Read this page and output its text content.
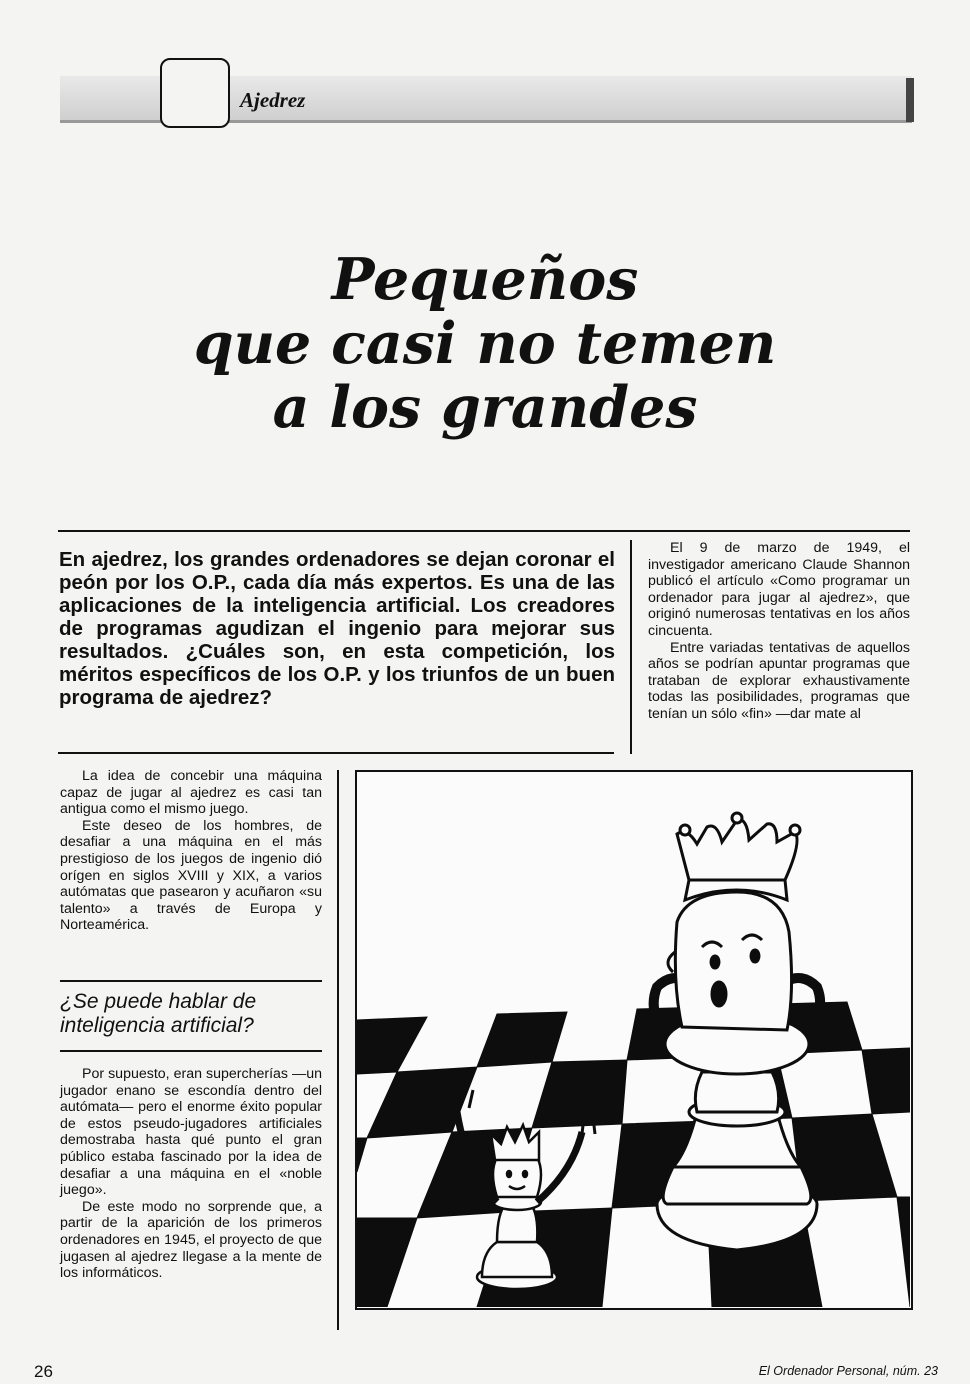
Ajedrez
Pequeños
que casi no temen
a los grandes
En ajedrez, los grandes ordenadores se dejan coronar el peón por los O.P., cada día más expertos. Es una de las aplicaciones de la inteligencia artificial. Los creadores de programas agudizan el ingenio para mejorar sus resultados. ¿Cuáles son, en esta competición, los méritos específicos de los O.P. y los triunfos de un buen programa de ajedrez?

El 9 de marzo de 1949, el investigador americano Claude Shannon publicó el artículo «Como programar un ordenador para jugar al ajedrez», que originó numerosas tentativas en los años cincuenta.

Entre variadas tentativas de aquellos años se podrían apuntar programas que trataban de explorar exhaustivamente todas las posibilidades, programas que tenían un sólo «fin» —dar mate al

La idea de concebir una máquina capaz de jugar al ajedrez es casi tan antigua como el mismo juego.

Este deseo de los hombres, de desafiar a una máquina en el más prestigioso de los juegos de ingenio dió orígen en siglos XVIII y XIX, a varios autómatas que pasearon y acuñaron «su talento» a través de Europa y Norteamérica.

¿Se puede hablar de inteligencia artificial?

Por supuesto, eran supercherías —un jugador enano se escondía dentro del autómata— pero el enorme éxito popular de estos pseudo-jugadores artificiales demostraba hasta qué punto el gran público estaba fascinado por la idea de desafiar a una máquina en el «noble juego».

De este modo no sorprende que, a partir de la aparición de los primeros ordenadores en 1945, el proyecto de que jugasen al ajedrez llegase a la mente de los informáticos.

26	El Ordenador Personal, núm. 23
